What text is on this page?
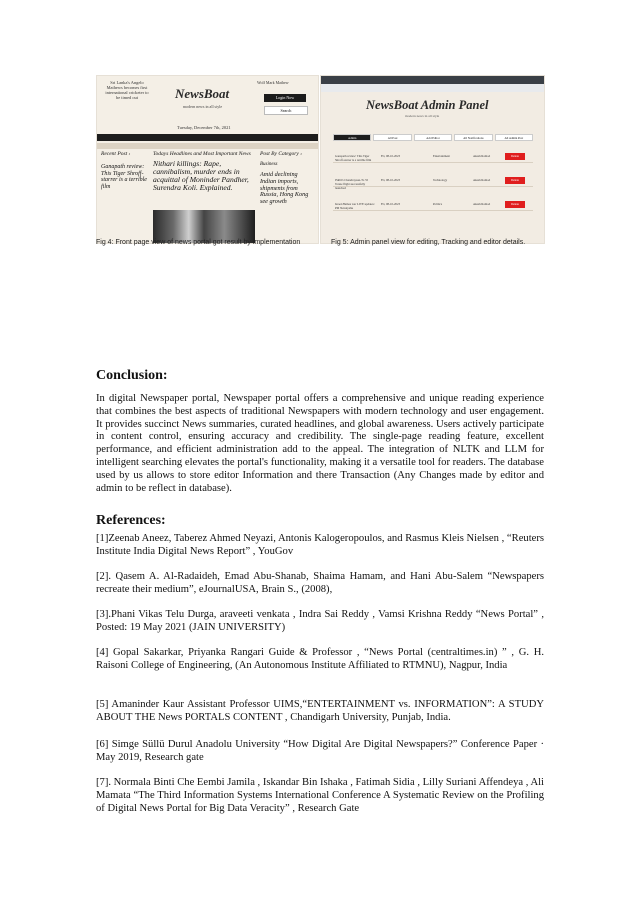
Sri Lanka's Angelo Mathews becomes first international cricketer to be timed out	NewsBoat
modern news in all style
Wolf Mark Mathew
Login Now
Search
Tuesday, December 7th, 2021
Recent Post ›	Todays Headlines and Most Important News Post By Category ›
Ganapath review: This Tiger Shroff-starrer is a terrible film
Nithari killings: Rape, cannibalism, murder ends in acquittal of Moninder Pandher, Surendra Koli. Explained.
Business
Amid declining Indian imports, shipments from Russia, Hong Kong see growth
NewsBoat Admin Panel
modern news in all style
Admin	All Post	Add Editor	All Notifications	All Admin Post
Ganapath review: This Tiger Shroff-starrer is a terrible film
Fri, 08-10-2023	Entertainment	Akash Rathod	Delete
ISRO's Chandrayaan-3's 55 Tonne flight successfully launched
Fri, 08-10-2023	Technology	Akash Rathod	Delete
Israel-Hamas war LIVE updates: PM Netanyahu
Fri, 08-10-2023	Politics	Akash Rathod	Delete
Fig 4: Front page view of news portal got result by implementation	Fig 5: Admin panel view for editing, Tracking and editor details.
Conclusion:

In digital Newspaper portal, Newspaper portal offers a comprehensive and unique reading experience that combines the best aspects of traditional Newspapers with modern technology and user engagement. It provides succinct News summaries, curated headlines, and global awareness. Users actively participate in content control, ensuring accuracy and credibility. The single-page reading feature, excellent performance, and efficient administration add to the appeal. The integration of NLTK and LLM for intelligent searching elevates the portal's functionality, making it a versatile tool for readers. The database used by us allows to store editor Information and there Transaction (Any Changes made by editor and admin to be reflect in database).

References:

[1]Zeenab Aneez, Taberez Ahmed Neyazi, Antonis Kalogeropoulos, and Rasmus Kleis Nielsen , “Reuters Institute India Digital News Report” , YouGov

[2]. Qasem A. Al-Radaideh, Emad Abu-Shanab, Shaima Hamam, and Hani Abu-Salem “Newspapers recreate their medium”, eJournalUSA, Brain S., (2008),

[3].Phani Vikas Telu Durga, araveeti venkata , Indra Sai Reddy , Vamsi Krishna Reddy “News Portal” , Posted: 19 May 2021 (JAIN UNIVERSITY)

[4] Gopal Sakarkar, Priyanka Rangari Guide & Professor , “News Portal (centraltimes.in) ” , G. H. Raisoni College of Engineering, (An Autonomous Institute Affiliated to RTMNU), Nagpur, India

[5] Amaninder Kaur Assistant Professor UIMS,“ENTERTAINMENT vs. INFORMATION”: A STUDY ABOUT THE News PORTALS CONTENT , Chandigarh University, Punjab, India.

[6] Simge Süllü Durul Anadolu University “How Digital Are Digital Newspapers?” Conference Paper · May 2019, Research gate

[7]. Normala Binti Che Eembi Jamila , Iskandar Bin Ishaka , Fatimah Sidia , Lilly Suriani Affendeya , Ali Mamata “The Third Information Systems International Conference A Systematic Review on the Profiling of Digital News Portal for Big Data Veracity” , Research Gate
